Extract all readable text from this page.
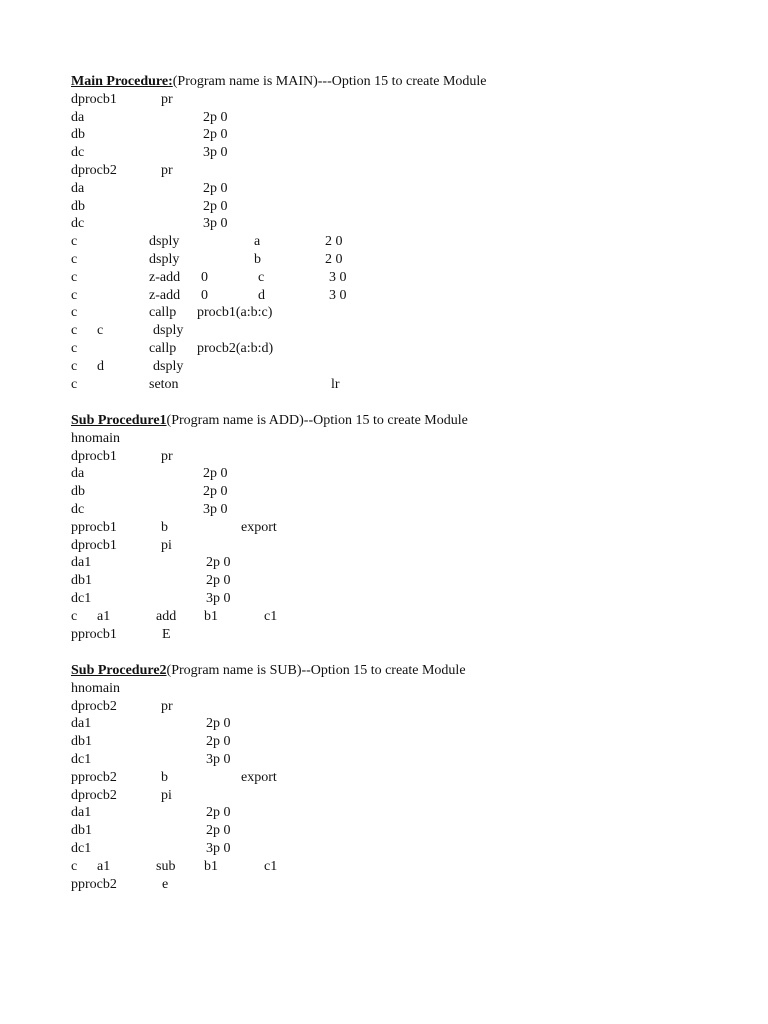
Main Procedure:(Program name is MAIN)---Option 15 to create Module
dprocb1	pr
da	2p 0
db	2p 0
dc	3p 0
dprocb2	pr
da	2p 0
db	2p 0
dc	3p 0
c	dsply	a	2 0
c	dsply	b	2 0
c	z-add 0	c	3 0
c	z-add 0	d	3 0
c	callp procb1(a:b:c)
c c	dsply
c	callp procb2(a:b:d)
c d	dsply
c	seton	lr
Sub Procedure1(Program name is ADD)--Option 15 to create Module
hnomain
dprocb1	pr
da	2p 0
db	2p 0
dc	3p 0
pprocb1	b	export
dprocb1	pi
da1	2p 0
db1	2p 0
dc1	3p 0
c a1	add b1	c1
pprocb1	E
Sub Procedure2(Program name is SUB)--Option 15 to create Module
hnomain
dprocb2	pr
da1	2p 0
db1	2p 0
dc1	3p 0
pprocb2	b	export
dprocb2	pi
da1	2p 0
db1	2p 0
dc1	3p 0
c a1	sub b1	c1
pprocb2	e
